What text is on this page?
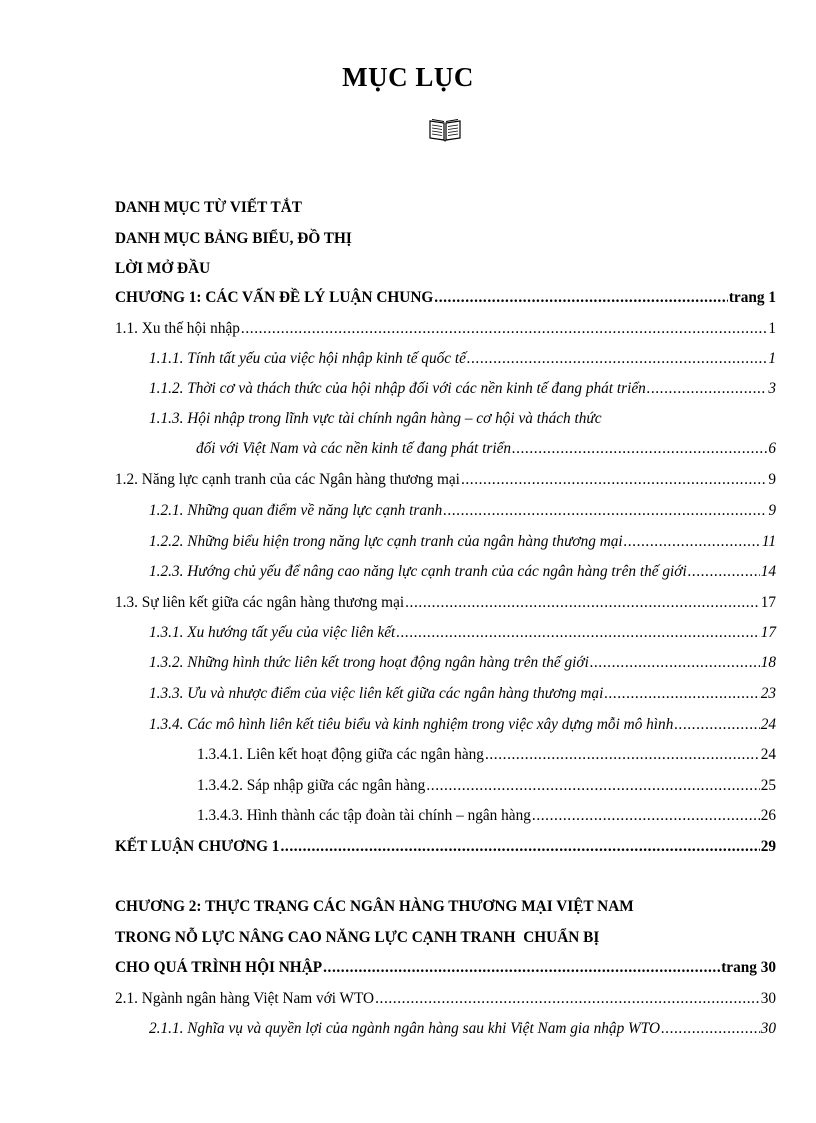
MỤC LỤC
DANH MỤC TỪ VIẾT TẮT
DANH MỤC BẢNG BIỂU, ĐỒ THỊ
LỜI MỞ ĐẦU
CHƯƠNG 1: CÁC VẤN ĐỀ LÝ LUẬN CHUNG .....	trang 1
1.1. Xu thế hội nhập .....	1
1.1.1. Tính tất yếu của việc hội nhập kinh tế quốc tế .....	1
1.1.2. Thời cơ và thách thức của hội nhập đối với các nền kinh tế đang phát triển .....	3
1.1.3. Hội nhập trong lĩnh vực tài chính ngân hàng – cơ hội và thách thức
đối với Việt Nam và các nền kinh tế đang phát triển .....	6
1.2. Năng lực cạnh tranh của các Ngân hàng thương mại .....	9
1.2.1. Những quan điểm về năng lực cạnh tranh .....	9
1.2.2. Những biểu hiện trong năng lực cạnh tranh của ngân hàng thương mại .....	11
1.2.3. Hướng chủ yếu để nâng cao năng lực cạnh tranh của các ngân hàng trên thế giới .....	14
1.3. Sự liên kết giữa các ngân hàng thương mại .....	17
1.3.1. Xu hướng tất yếu của việc liên kết .....	17
1.3.2. Những hình thức liên kết trong hoạt động ngân hàng trên thế giới .....	18
1.3.3. Ưu và nhược điểm của việc liên kết giữa các ngân hàng thương mại .....	23
1.3.4. Các mô hình liên kết tiêu biểu và kinh nghiệm trong việc xây dựng mỗi mô hình .....	24
1.3.4.1. Liên kết hoạt động giữa các ngân hàng .....	24
1.3.4.2. Sáp nhập giữa các ngân hàng .....	25
1.3.4.3. Hình thành các tập đoàn tài chính – ngân hàng .....	26
KẾT LUẬN CHƯƠNG 1 .....	29
CHƯƠNG 2: THỰC TRẠNG CÁC NGÂN HÀNG THƯƠNG MẠI VIỆT NAM
TRONG NỖ LỰC NÂNG CAO NĂNG LỰC CẠNH TRANH  CHUẨN BỊ
CHO QUÁ TRÌNH HỘI NHẬP .....	trang 30
2.1. Ngành ngân hàng Việt Nam với WTO .....	30
2.1.1. Nghĩa vụ và quyền lợi của ngành ngân hàng sau khi Việt Nam gia nhập WTO .....	30
